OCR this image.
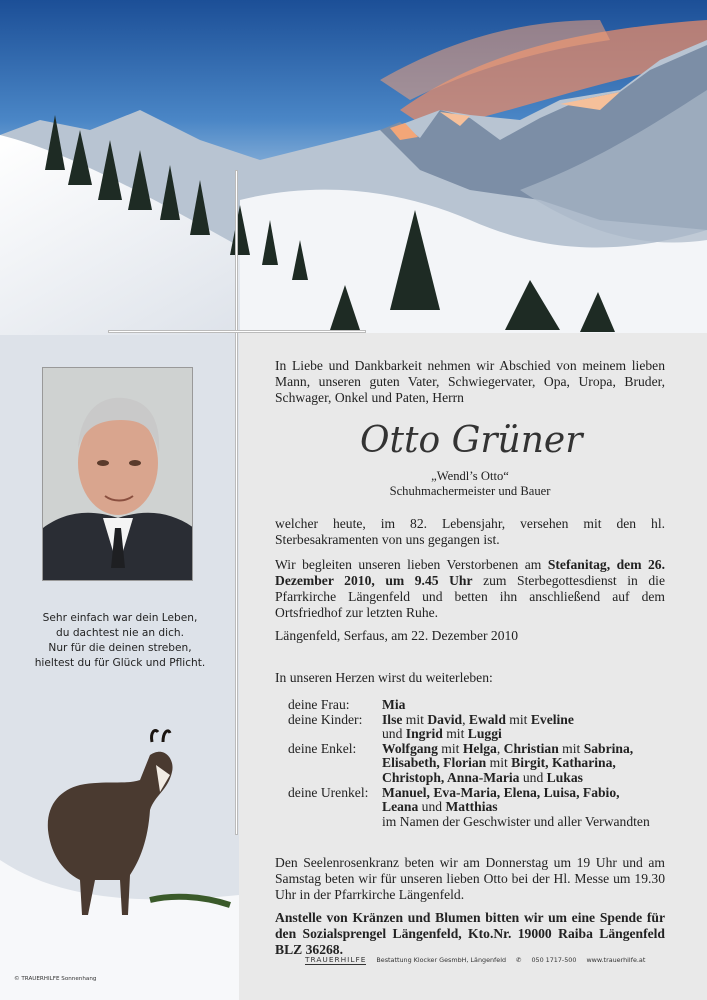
Sehr einfach war dein Leben,
du dachtest nie an dich.
Nur für die deinen streben,
hieltest du für Glück und Pflicht.
In Liebe und Dankbarkeit nehmen wir Abschied von meinem lieben Mann, unseren guten Vater, Schwiegervater, Opa, Uropa, Bruder, Schwager, Onkel und Paten, Herrn
Otto Grüner
„Wendl’s Otto“
Schuhmachermeister und Bauer
welcher heute, im 82. Lebensjahr, versehen mit den hl. Sterbesakramenten von uns gegangen ist.
Wir begleiten unseren lieben Verstorbenen am Stefanitag, dem 26. Dezember 2010, um 9.45 Uhr zum Sterbegottesdienst in die Pfarrkirche Längenfeld und betten ihn anschließend auf dem Ortsfriedhof zur letzten Ruhe.
Längenfeld, Serfaus, am 22. Dezember 2010
In unseren Herzen wirst du weiterleben:
deine Frau:	Mia
deine Kinder:	Ilse mit David, Ewald mit Eveline
und Ingrid mit Luggi
deine Enkel:	Wolfgang mit Helga, Christian mit Sabrina,
Elisabeth, Florian mit Birgit, Katharina,
Christoph, Anna-Maria und Lukas
deine Urenkel: Manuel, Eva-Maria, Elena, Luisa, Fabio,
Leana und Matthias
im Namen der Geschwister und aller Verwandten
Den Seelenrosenkranz beten wir am Donnerstag um 19 Uhr und am Samstag beten wir für unseren lieben Otto bei der Hl. Messe um 19.30 Uhr in der Pfarrkirche Längenfeld.
Anstelle von Kränzen und Blumen bitten wir um eine Spende für den Sozialsprengel Längenfeld, Kto.Nr. 19000 Raiba Längenfeld BLZ 36268.
TRAUERHILFE Bestattung Klocker GesmbH, Längenfeld ✆ 050 1717-500 www.trauerhilfe.at
© TRAUERHILFE Sonnenhang
